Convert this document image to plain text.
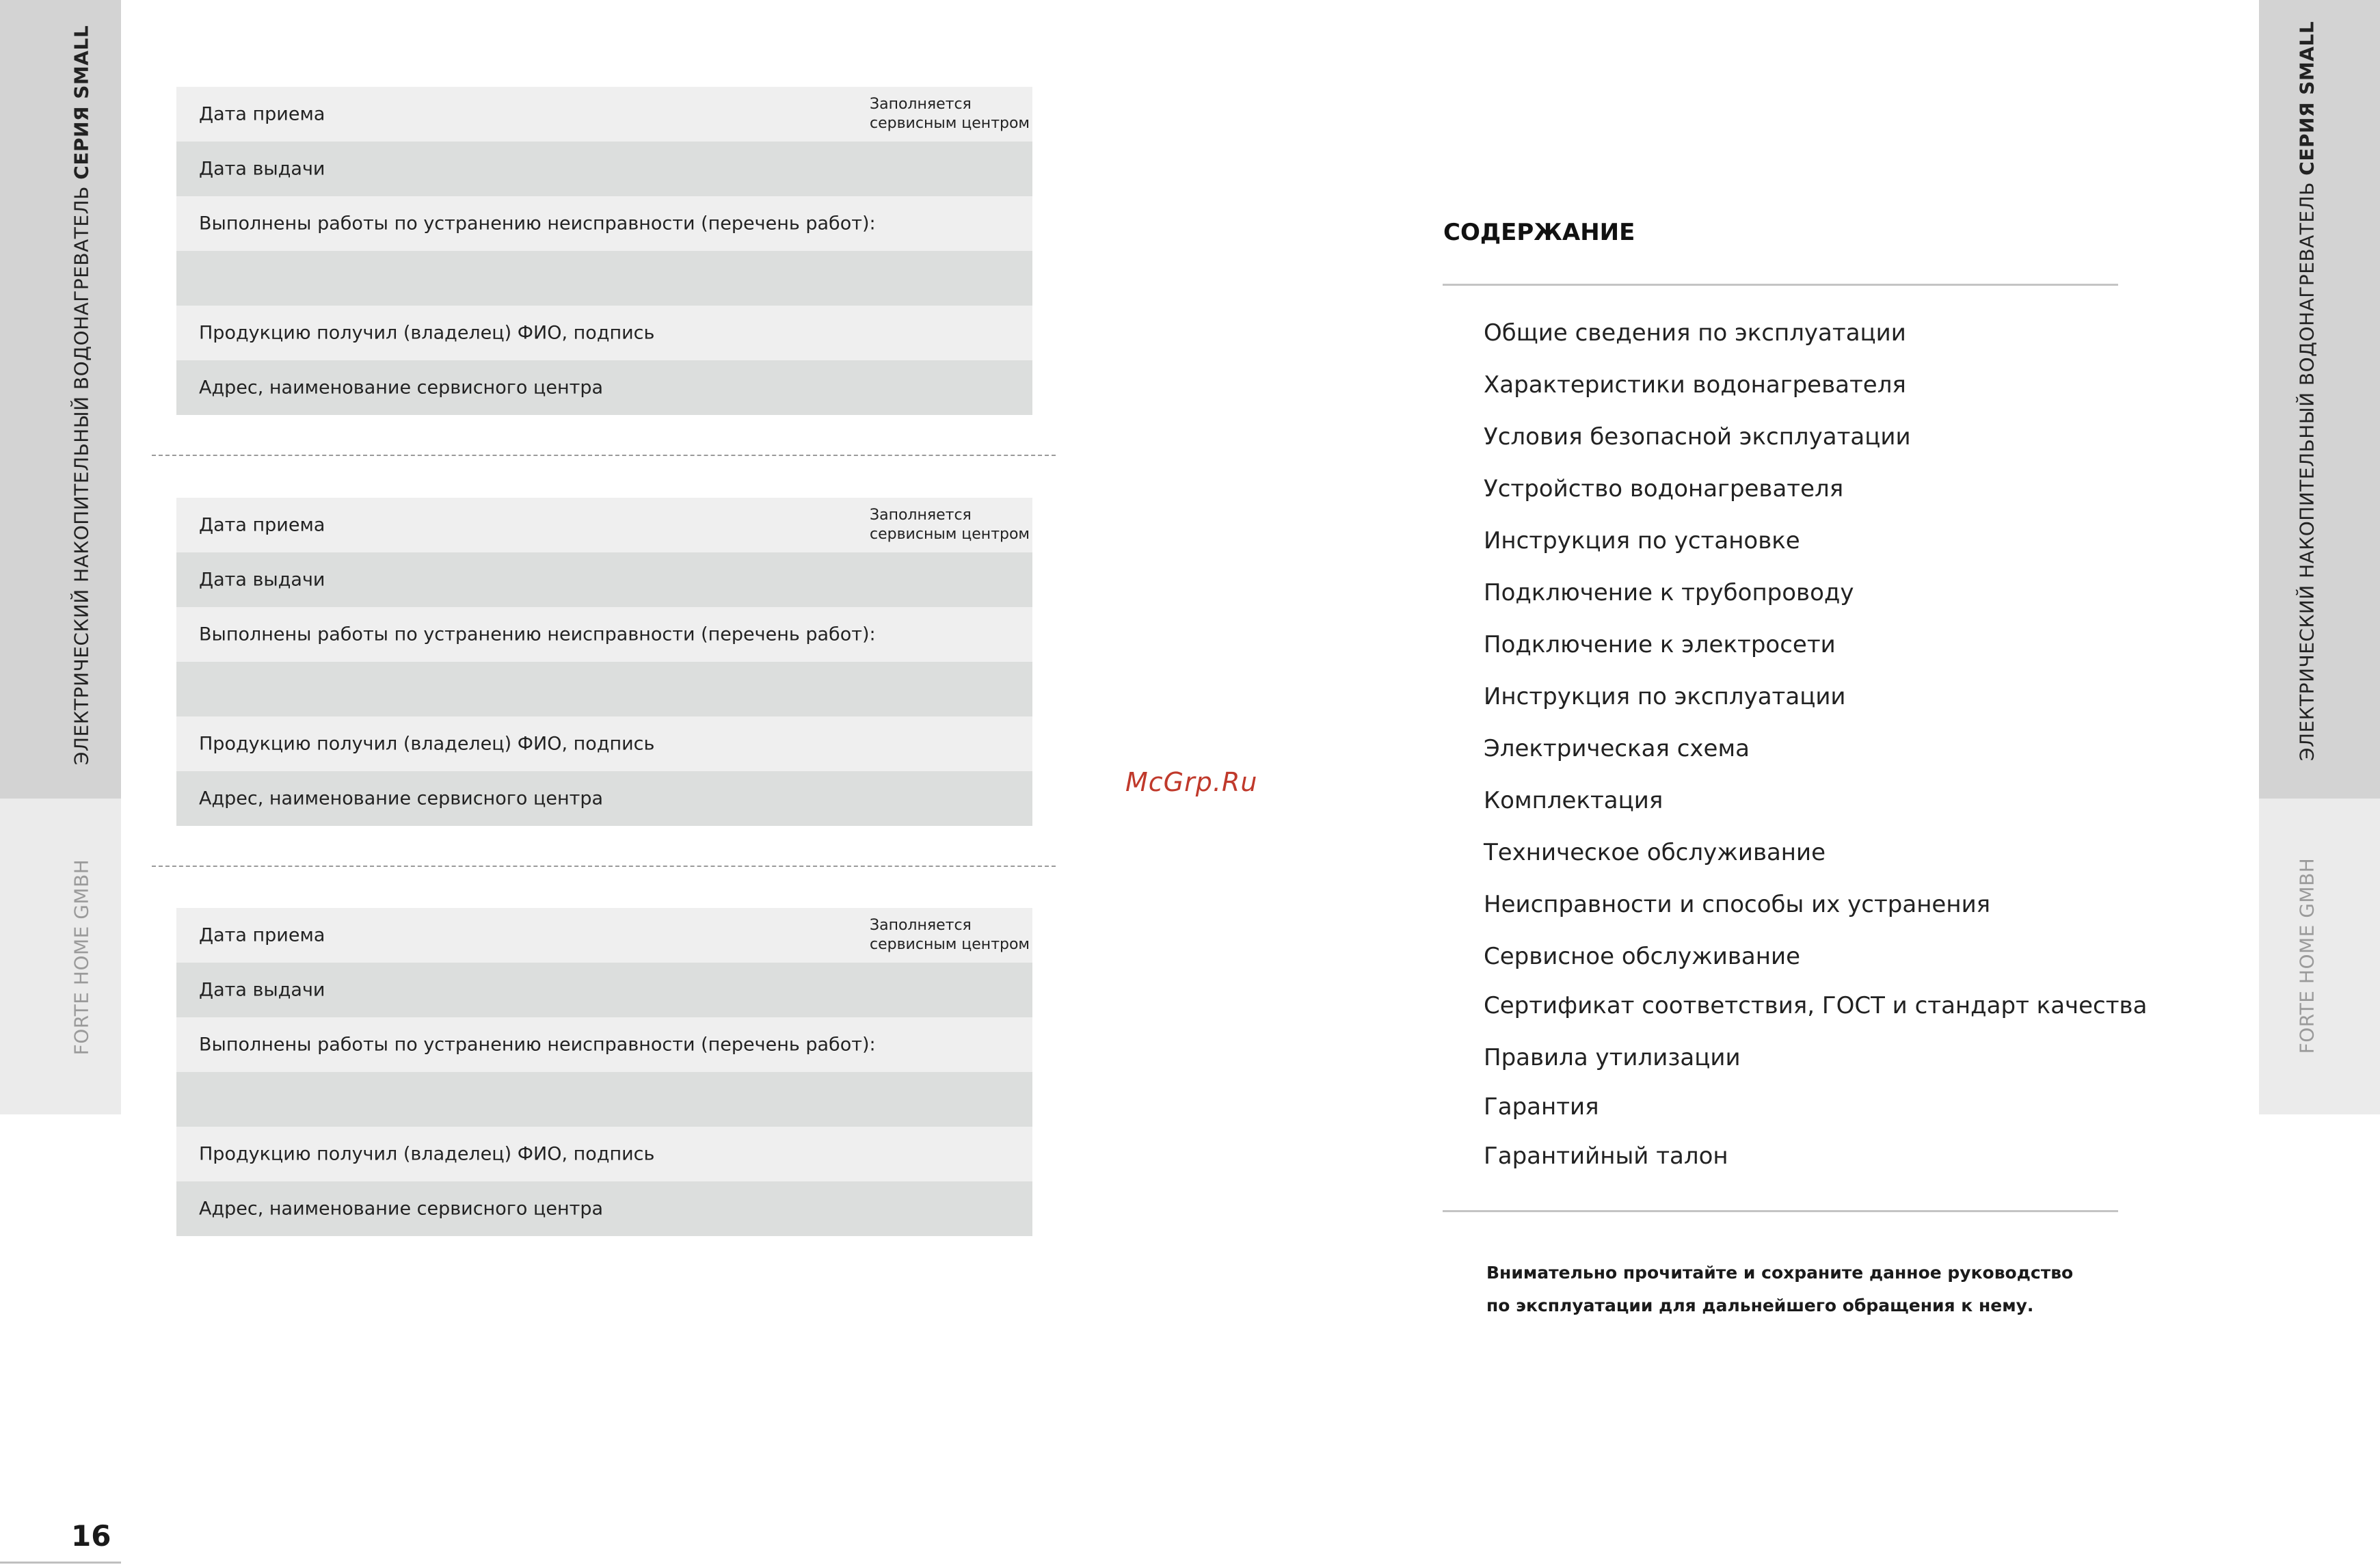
ЭЛЕКТРИЧЕСКИЙ НАКОПИТЕЛЬНЫЙ ВОДОНАГРЕВАТЕЛЬ СЕРИЯ SMALL
FORTE HOME GMBH
ЭЛЕКТРИЧЕСКИЙ НАКОПИТЕЛЬНЫЙ ВОДОНАГРЕВАТЕЛЬ СЕРИЯ SMALL
FORTE HOME GMBH
16
Дата приема	Заполняется
сервисным центром
Дата выдачи
Выполнены работы по устранению неисправности (перечень работ):
Продукцию получил (владелец) ФИО, подпись
Адрес, наименование сервисного центра
Дата приема	Заполняется
сервисным центром
Дата выдачи
Выполнены работы по устранению неисправности (перечень работ):
Продукцию получил (владелец) ФИО, подпись
Адрес, наименование сервисного центра
Дата приема	Заполняется
сервисным центром
Дата выдачи
Выполнены работы по устранению неисправности (перечень работ):
Продукцию получил (владелец) ФИО, подпись
Адрес, наименование сервисного центра
McGrp.Ru
СОДЕРЖАНИЕ
Общие сведения по эксплуатации
Характеристики водонагревателя
Условия безопасной эксплуатации
Устройство водонагревателя
Инструкция по установке
Подключение к трубопроводу
Подключение к электросети
Инструкция по эксплуатации
Электрическая схема
Комплектация
Техническое обслуживание
Неисправности и способы их устранения
Сервисное обслуживание
Сертификат соответствия, ГОСТ и стандарт качества
Правила утилизации
Гарантия
Гарантийный талон
Внимательно прочитайте и сохраните данное руководство
по эксплуатации для дальнейшего обращения к нему.
